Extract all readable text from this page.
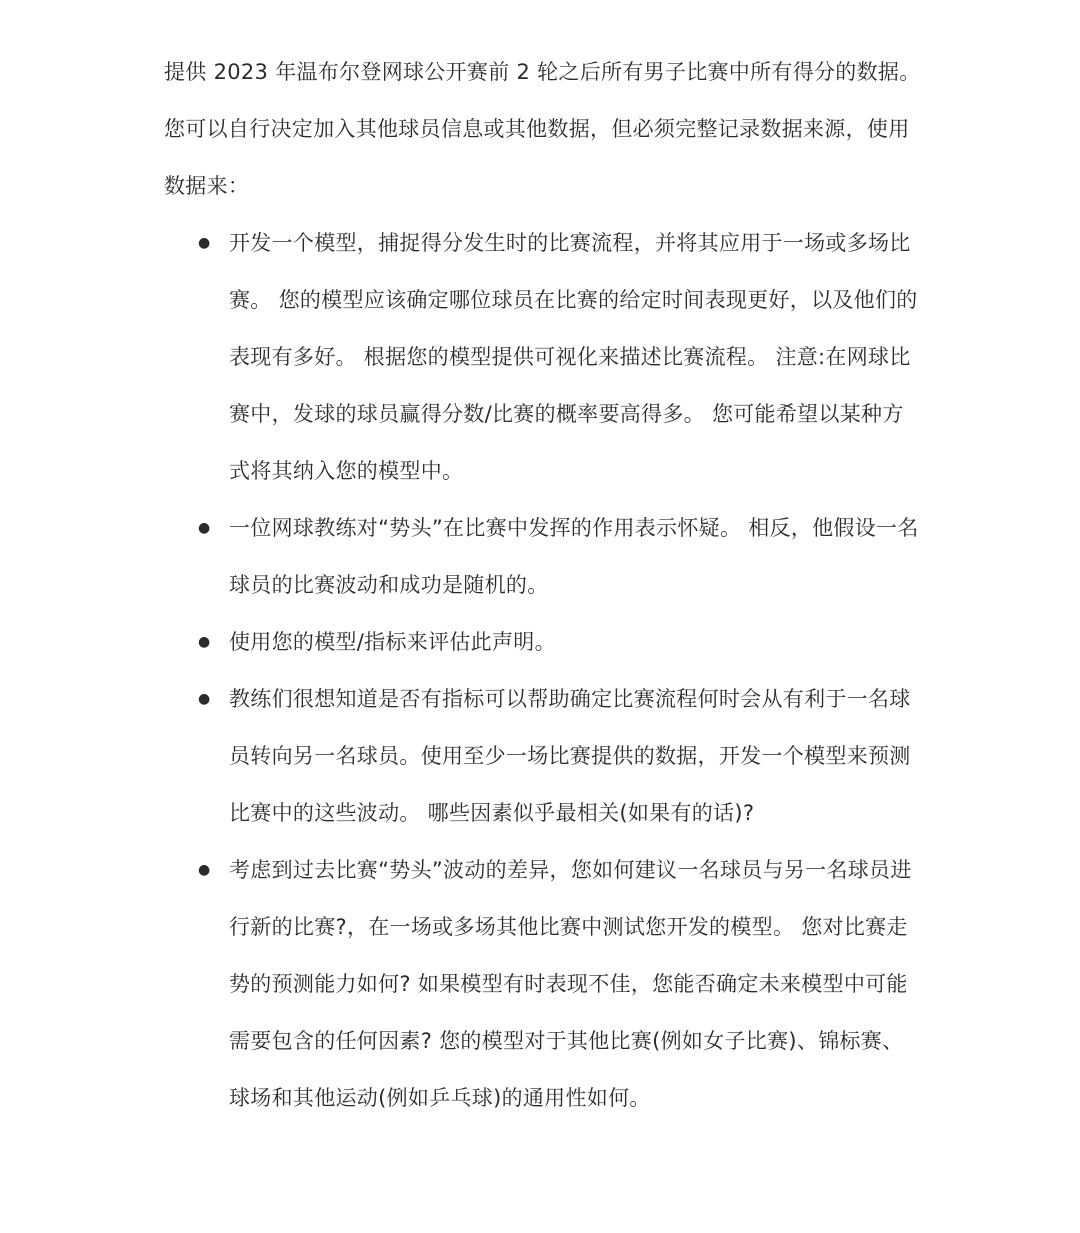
提供 2023 年温布尔登网球公开赛前 2 轮之后所有男子比赛中所有得分的数据。
您可以自行决定加入其他球员信息或其他数据，但必须完整记录数据来源，使用数据来：

● 开发一个模型，捕捉得分发生时的比赛流程，并将其应用于一场或多场比赛。 您的模型应该确定哪位球员在比赛的给定时间表现更好，以及他们的表现有多好。 根据您的模型提供可视化来描述比赛流程。 注意:在网球比赛中，发球的球员赢得分数/比赛的概率要高得多。 您可能希望以某种方式将其纳入您的模型中。
● 一位网球教练对“势头”在比赛中发挥的作用表示怀疑。 相反，他假设一名球员的比赛波动和成功是随机的。
● 使用您的模型/指标来评估此声明。
● 教练们很想知道是否有指标可以帮助确定比赛流程何时会从有利于一名球员转向另一名球员。使用至少一场比赛提供的数据，开发一个模型来预测比赛中的这些波动。 哪些因素似乎最相关(如果有的话)?
● 考虑到过去比赛“势头”波动的差异，您如何建议一名球员与另一名球员进行新的比赛?，在一场或多场其他比赛中测试您开发的模型。 您对比赛走势的预测能力如何? 如果模型有时表现不佳，您能否确定未来模型中可能需要包含的任何因素? 您的模型对于其他比赛(例如女子比赛)、锦标赛、球场和其他运动(例如乒乓球)的通用性如何。
